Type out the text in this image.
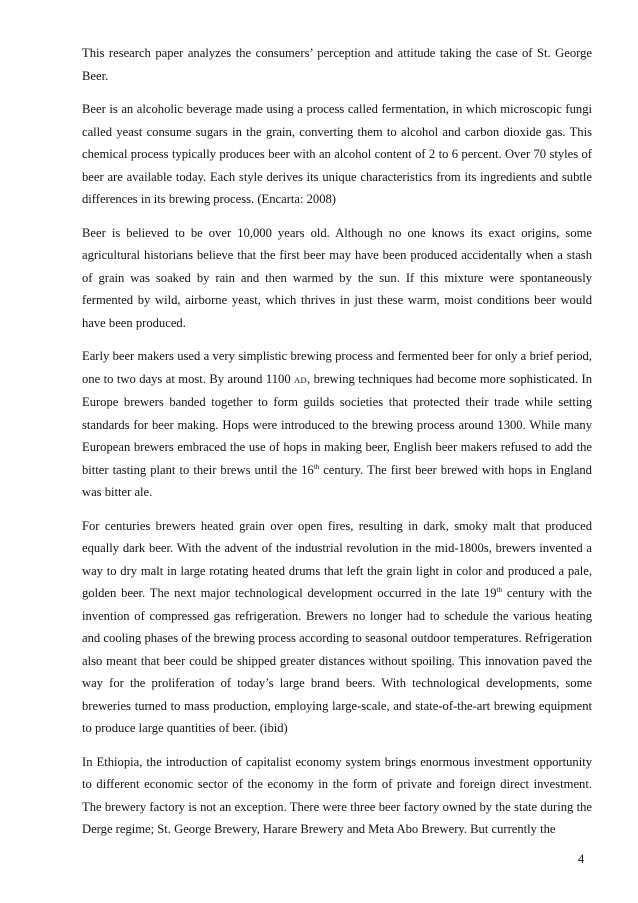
This research paper analyzes the consumers’ perception and attitude taking the case of St. George Beer.

Beer is an alcoholic beverage made using a process called fermentation, in which microscopic fungi called yeast consume sugars in the grain, converting them to alcohol and carbon dioxide gas. This chemical process typically produces beer with an alcohol content of 2 to 6 percent. Over 70 styles of beer are available today. Each style derives its unique characteristics from its ingredients and subtle differences in its brewing process. (Encarta: 2008)

Beer is believed to be over 10,000 years old. Although no one knows its exact origins, some agricultural historians believe that the first beer may have been produced accidentally when a stash of grain was soaked by rain and then warmed by the sun. If this mixture were spontaneously fermented by wild, airborne yeast, which thrives in just these warm, moist conditions beer would have been produced.

Early beer makers used a very simplistic brewing process and fermented beer for only a brief period, one to two days at most. By around 1100 AD, brewing techniques had become more sophisticated. In Europe brewers banded together to form guilds societies that protected their trade while setting standards for beer making. Hops were introduced to the brewing process around 1300. While many European brewers embraced the use of hops in making beer, English beer makers refused to add the bitter tasting plant to their brews until the 16th century. The first beer brewed with hops in England was bitter ale.

For centuries brewers heated grain over open fires, resulting in dark, smoky malt that produced equally dark beer. With the advent of the industrial revolution in the mid-1800s, brewers invented a way to dry malt in large rotating heated drums that left the grain light in color and produced a pale, golden beer. The next major technological development occurred in the late 19th century with the invention of compressed gas refrigeration. Brewers no longer had to schedule the various heating and cooling phases of the brewing process according to seasonal outdoor temperatures. Refrigeration also meant that beer could be shipped greater distances without spoiling. This innovation paved the way for the proliferation of today’s large brand beers. With technological developments, some breweries turned to mass production, employing large-scale, and state-of-the-art brewing equipment to produce large quantities of beer. (ibid)

In Ethiopia, the introduction of capitalist economy system brings enormous investment opportunity to different economic sector of the economy in the form of private and foreign direct investment. The brewery factory is not an exception. There were three beer factory owned by the state during the Derge regime; St. George Brewery, Harare Brewery and Meta Abo Brewery. But currently the

4
